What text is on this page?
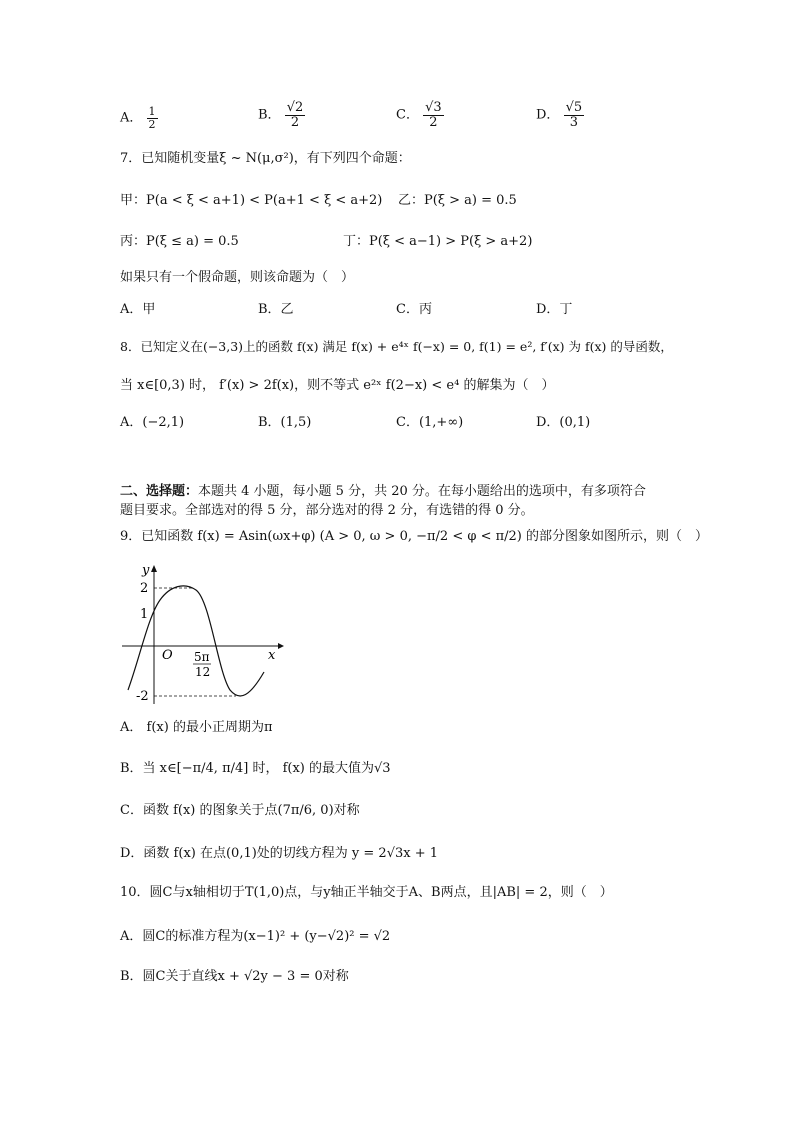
A． $\frac{1}{2}$	B． $\frac{√2}{2}$	C． $\frac{√3}{2}$	D． $\frac{√5}{3}$
7．已知随机变量ξ ~ N(μ,σ²)，有下列四个命题：
甲：P(a < ξ < a+1) < P(a+1 < ξ < a+2) 乙：P(ξ > a) = 0.5
丙：P(ξ ≤ a) = 0.5	丁：P(ξ < a−1) > P(ξ > a+2)
如果只有一个假命题，则该命题为（　）
A．甲	B．乙	C．丙	D．丁
8．已知定义在(−3,3)上的函数 f(x) 满足 f(x) + e⁴ˣ f(−x) = 0, f(1) = e², f′(x) 为 f(x) 的导函数，
当 x∈[0,3) 时， f′(x) > 2f(x)，则不等式 e²ˣ f(2−x) < e⁴ 的解集为（　）
A．(−2,1)	B．(1,5)	C．(1,+∞)	D．(0,1)
二、选择题：本题共 4 小题，每小题 5 分，共 20 分。在每小题给出的选项中，有多项符合
题目要求。全部选对的得 5 分，部分选对的得 2 分，有选错的得 0 分。
9．已知函数 f(x) = Asin(ωx+φ) (A > 0, ω > 0, −π/2 < φ < π/2) 的部分图象如图所示，则（　）
y
x
O
2
1
-2
5π
12
A． f(x) 的最小正周期为π
B．当 x∈[−π/4, π/4] 时， f(x) 的最大值为√3
C．函数 f(x) 的图象关于点(7π/6, 0)对称
D．函数 f(x) 在点(0,1)处的切线方程为 y = 2√3x + 1
10．圆C与x轴相切于T(1,0)点，与y轴正半轴交于A、B两点，且|AB| = 2，则（　）
A．圆C的标准方程为(x−1)² + (y−√2)² = √2
B．圆C关于直线x + √2y − 3 = 0对称
